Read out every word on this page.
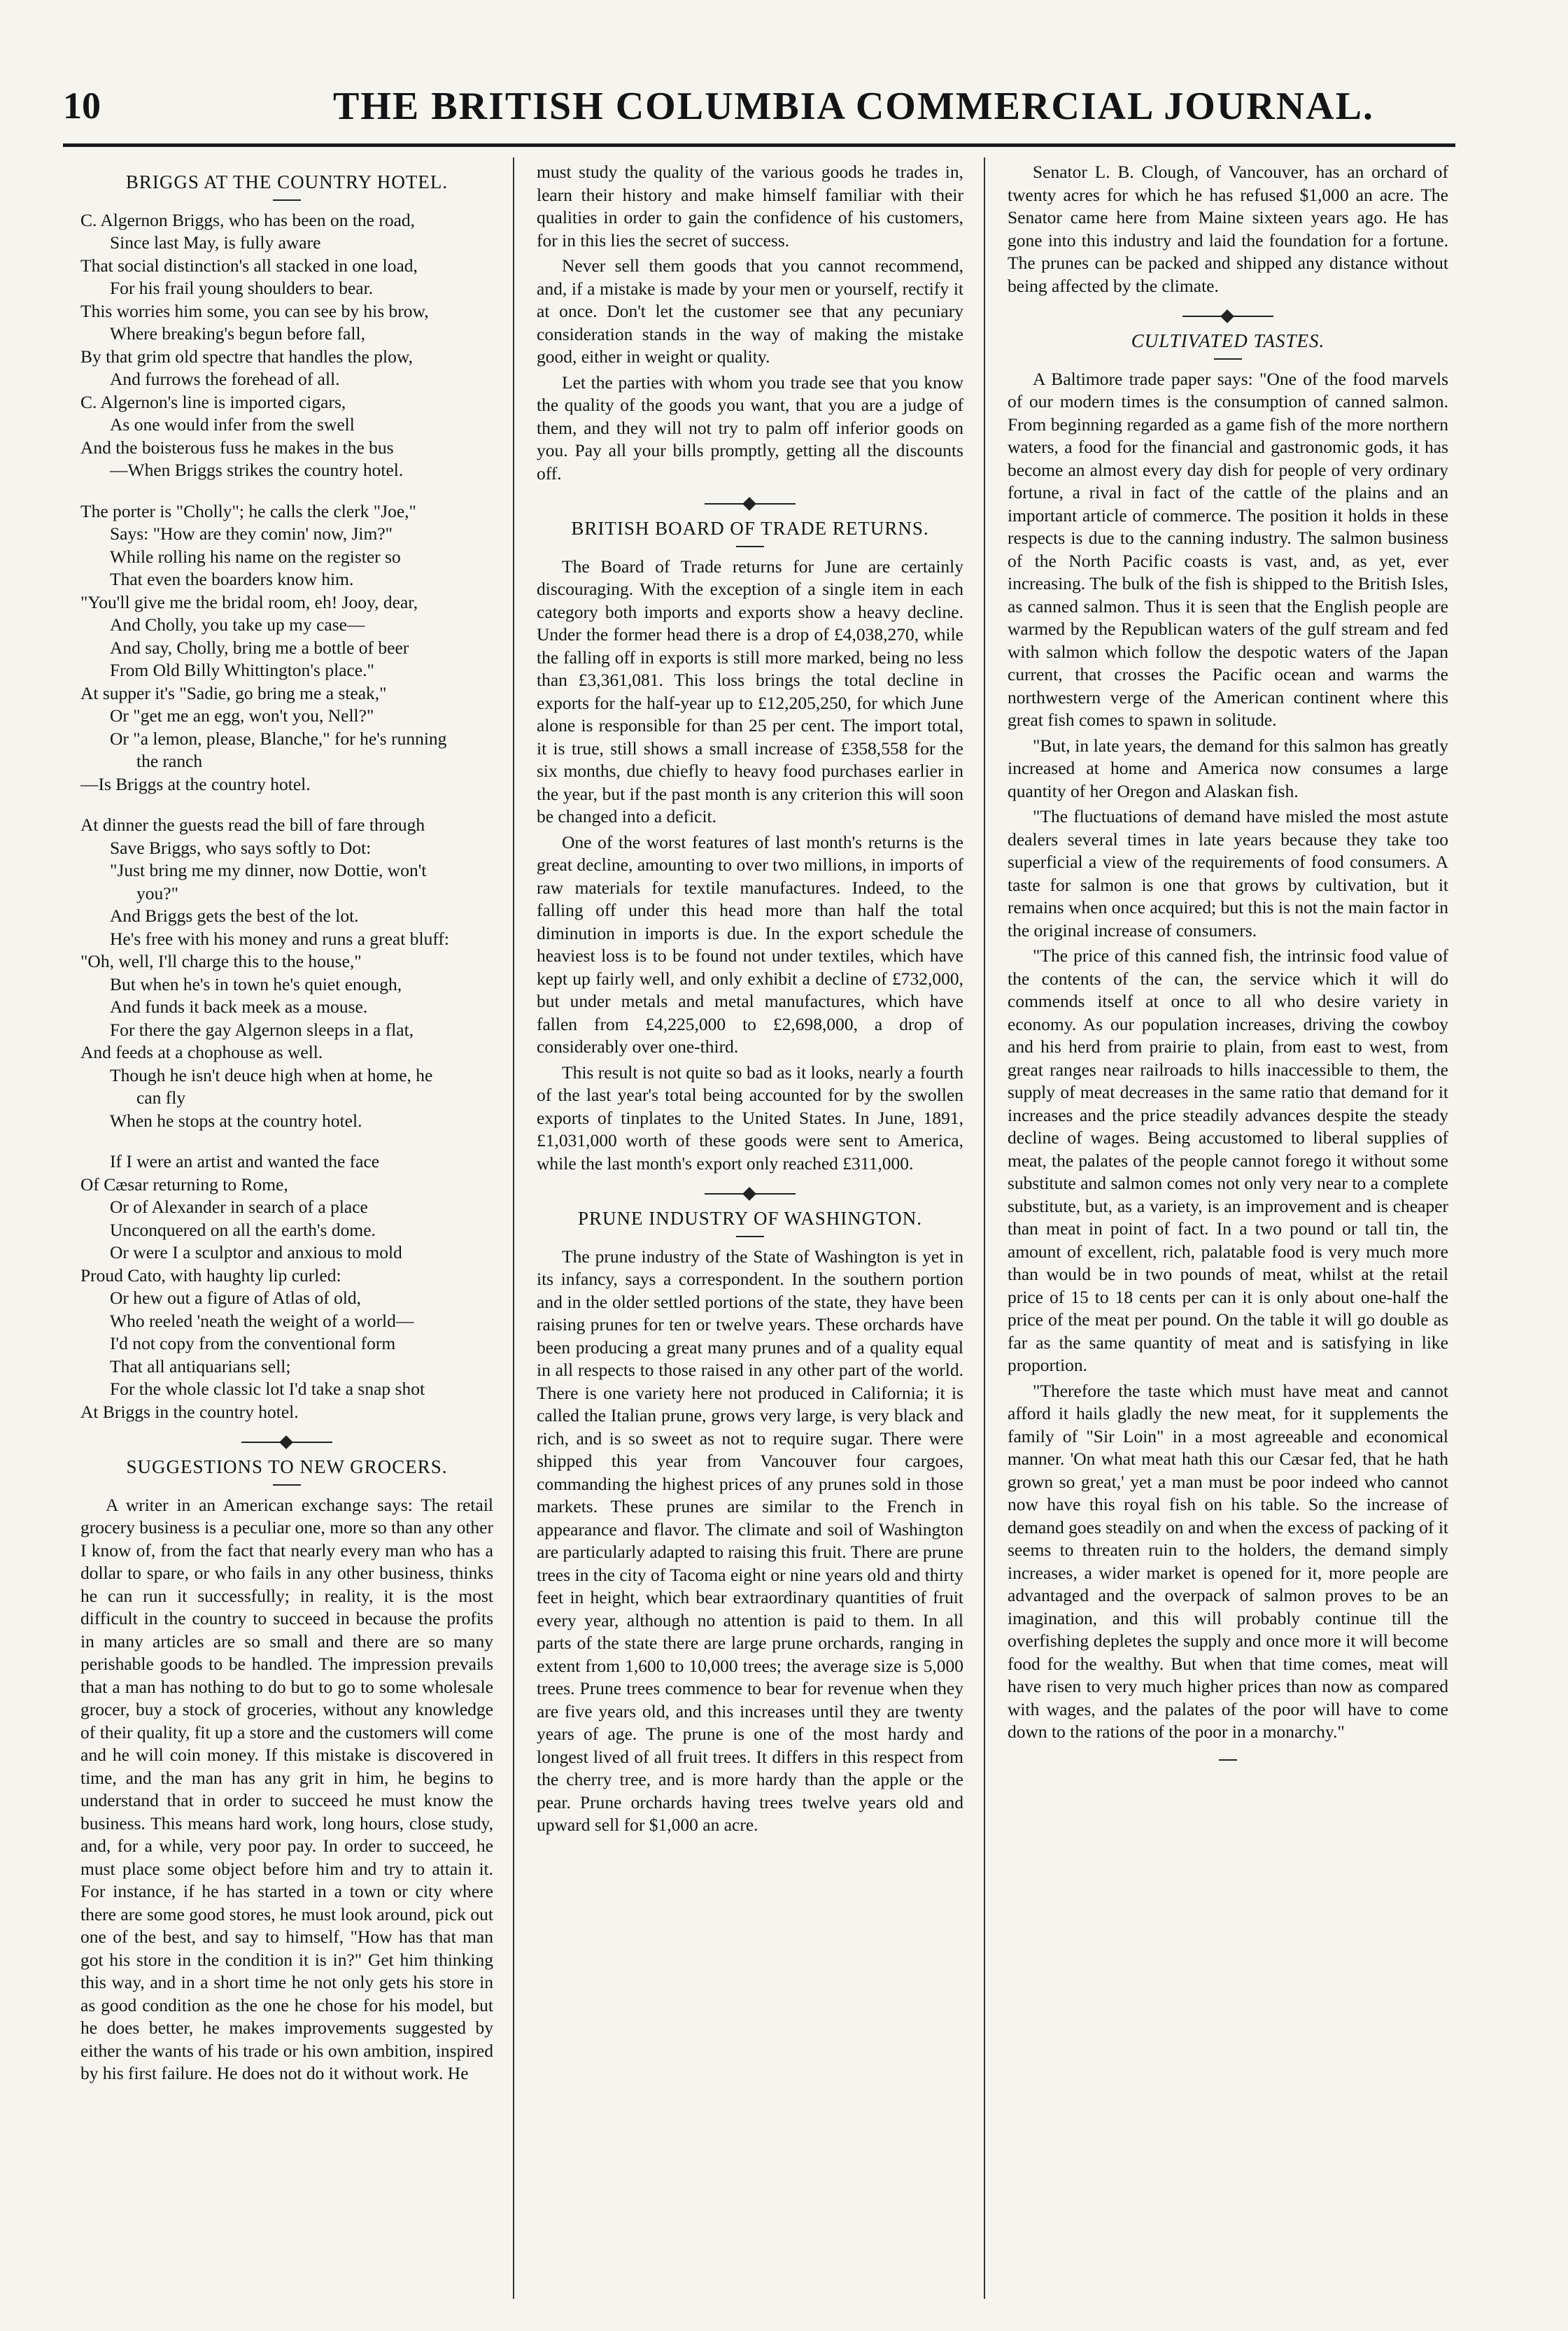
10	THE BRITISH COLUMBIA COMMERCIAL JOURNAL.
BRIGGS AT THE COUNTRY HOTEL.

C. Algernon Briggs, who has been on the road,

Since last May, is fully aware

That social distinction's all stacked in one load,

For his frail young shoulders to bear.

This worries him some, you can see by his brow,

Where breaking's begun before fall,

By that grim old spectre that handles the plow,

And furrows the forehead of all.

C. Algernon's line is imported cigars,

As one would infer from the swell

And the boisterous fuss he makes in the bus

—When Briggs strikes the country hotel.

The porter is "Cholly"; he calls the clerk "Joe,"

Says: "How are they comin' now, Jim?"

While rolling his name on the register so

That even the boarders know him.

"You'll give me the bridal room, eh! Jooy, dear,

And Cholly, you take up my case—

And say, Cholly, bring me a bottle of beer

From Old Billy Whittington's place."

At supper it's "Sadie, go bring me a steak,"

Or "get me an egg, won't you, Nell?"

Or "a lemon, please, Blanche," for he's running

the ranch

—Is Briggs at the country hotel.

At dinner the guests read the bill of fare through

Save Briggs, who says softly to Dot:

"Just bring me my dinner, now Dottie, won't

you?"

And Briggs gets the best of the lot.

He's free with his money and runs a great bluff:

"Oh, well, I'll charge this to the house,"

But when he's in town he's quiet enough,

And funds it back meek as a mouse.

For there the gay Algernon sleeps in a flat,

And feeds at a chophouse as well.

Though he isn't deuce high when at home, he

can fly

When he stops at the country hotel.

If I were an artist and wanted the face

Of Cæsar returning to Rome,

Or of Alexander in search of a place

Unconquered on all the earth's dome.

Or were I a sculptor and anxious to mold

Proud Cato, with haughty lip curled:

Or hew out a figure of Atlas of old,

Who reeled 'neath the weight of a world—

I'd not copy from the conventional form

That all antiquarians sell;

For the whole classic lot I'd take a snap shot

At Briggs in the country hotel.

SUGGESTIONS TO NEW GROCERS.

A writer in an American exchange says: The retail grocery business is a peculiar one, more so than any other I know of, from the fact that nearly every man who has a dollar to spare, or who fails in any other business, thinks he can run it successfully; in reality, it is the most difficult in the country to succeed in because the profits in many articles are so small and there are so many perishable goods to be handled. The impression prevails that a man has nothing to do but to go to some wholesale grocer, buy a stock of groceries, without any knowledge of their quality, fit up a store and the customers will come and he will coin money. If this mistake is discovered in time, and the man has any grit in him, he begins to understand that in order to succeed he must know the business. This means hard work, long hours, close study, and, for a while, very poor pay. In order to succeed, he must place some object before him and try to attain it. For instance, if he has started in a town or city where there are some good stores, he must look around, pick out one of the best, and say to himself, "How has that man got his store in the condition it is in?" Get him thinking this way, and in a short time he not only gets his store in as good condition as the one he chose for his model, but he does better, he makes improvements suggested by either the wants of his trade or his own ambition, inspired by his first failure. He does not do it without work. He

must study the quality of the various goods he trades in, learn their history and make himself familiar with their qualities in order to gain the confidence of his customers, for in this lies the secret of success.

Never sell them goods that you cannot recommend, and, if a mistake is made by your men or yourself, rectify it at once. Don't let the customer see that any pecuniary consideration stands in the way of making the mistake good, either in weight or quality.

Let the parties with whom you trade see that you know the quality of the goods you want, that you are a judge of them, and they will not try to palm off inferior goods on you. Pay all your bills promptly, getting all the discounts off.

BRITISH BOARD OF TRADE RETURNS.

The Board of Trade returns for June are certainly discouraging. With the exception of a single item in each category both imports and exports show a heavy decline. Under the former head there is a drop of £4,038,270, while the falling off in exports is still more marked, being no less than £3,361,081. This loss brings the total decline in exports for the half-year up to £12,205,250, for which June alone is responsible for than 25 per cent. The import total, it is true, still shows a small increase of £358,558 for the six months, due chiefly to heavy food purchases earlier in the year, but if the past month is any criterion this will soon be changed into a deficit.

One of the worst features of last month's returns is the great decline, amounting to over two millions, in imports of raw materials for textile manufactures. Indeed, to the falling off under this head more than half the total diminution in imports is due. In the export schedule the heaviest loss is to be found not under textiles, which have kept up fairly well, and only exhibit a decline of £732,000, but under metals and metal manufactures, which have fallen from £4,225,000 to £2,698,000, a drop of considerably over one-third.

This result is not quite so bad as it looks, nearly a fourth of the last year's total being accounted for by the swollen exports of tinplates to the United States. In June, 1891, £1,031,000 worth of these goods were sent to America, while the last month's export only reached £311,000.

PRUNE INDUSTRY OF WASHINGTON.

The prune industry of the State of Washington is yet in its infancy, says a correspondent. In the southern portion and in the older settled portions of the state, they have been raising prunes for ten or twelve years. These orchards have been producing a great many prunes and of a quality equal in all respects to those raised in any other part of the world. There is one variety here not produced in California; it is called the Italian prune, grows very large, is very black and rich, and is so sweet as not to require sugar. There were shipped this year from Vancouver four cargoes, commanding the highest prices of any prunes sold in those markets. These prunes are similar to the French in appearance and flavor. The climate and soil of Washington are particularly adapted to raising this fruit. There are prune trees in the city of Tacoma eight or nine years old and thirty feet in height, which bear extraordinary quantities of fruit every year, although no attention is paid to them. In all parts of the state there are large prune orchards, ranging in extent from 1,600 to 10,000 trees; the average size is 5,000 trees. Prune trees commence to bear for revenue when they are five years old, and this increases until they are twenty years of age. The prune is one of the most hardy and longest lived of all fruit trees. It differs in this respect from the cherry tree, and is more hardy than the apple or the pear. Prune orchards having trees twelve years old and upward sell for $1,000 an acre.

Senator L. B. Clough, of Vancouver, has an orchard of twenty acres for which he has refused $1,000 an acre. The Senator came here from Maine sixteen years ago. He has gone into this industry and laid the foundation for a fortune. The prunes can be packed and shipped any distance without being affected by the climate.

CULTIVATED TASTES.

A Baltimore trade paper says: "One of the food marvels of our modern times is the consumption of canned salmon. From beginning regarded as a game fish of the more northern waters, a food for the financial and gastronomic gods, it has become an almost every day dish for people of very ordinary fortune, a rival in fact of the cattle of the plains and an important article of commerce. The position it holds in these respects is due to the canning industry. The salmon business of the North Pacific coasts is vast, and, as yet, ever increasing. The bulk of the fish is shipped to the British Isles, as canned salmon. Thus it is seen that the English people are warmed by the Republican waters of the gulf stream and fed with salmon which follow the despotic waters of the Japan current, that crosses the Pacific ocean and warms the northwestern verge of the American continent where this great fish comes to spawn in solitude.

"But, in late years, the demand for this salmon has greatly increased at home and America now consumes a large quantity of her Oregon and Alaskan fish.

"The fluctuations of demand have misled the most astute dealers several times in late years because they take too superficial a view of the requirements of food consumers. A taste for salmon is one that grows by cultivation, but it remains when once acquired; but this is not the main factor in the original increase of consumers.

"The price of this canned fish, the intrinsic food value of the contents of the can, the service which it will do commends itself at once to all who desire variety in economy. As our population increases, driving the cowboy and his herd from prairie to plain, from east to west, from great ranges near railroads to hills inaccessible to them, the supply of meat decreases in the same ratio that demand for it increases and the price steadily advances despite the steady decline of wages. Being accustomed to liberal supplies of meat, the palates of the people cannot forego it without some substitute and salmon comes not only very near to a complete substitute, but, as a variety, is an improvement and is cheaper than meat in point of fact. In a two pound or tall tin, the amount of excellent, rich, palatable food is very much more than would be in two pounds of meat, whilst at the retail price of 15 to 18 cents per can it is only about one-half the price of the meat per pound. On the table it will go double as far as the same quantity of meat and is satisfying in like proportion.

"Therefore the taste which must have meat and cannot afford it hails gladly the new meat, for it supplements the family of "Sir Loin" in a most agreeable and economical manner. 'On what meat hath this our Cæsar fed, that he hath grown so great,' yet a man must be poor indeed who cannot now have this royal fish on his table. So the increase of demand goes steadily on and when the excess of packing of it seems to threaten ruin to the holders, the demand simply increases, a wider market is opened for it, more people are advantaged and the overpack of salmon proves to be an imagination, and this will probably continue till the overfishing depletes the supply and once more it will become food for the wealthy. But when that time comes, meat will have risen to very much higher prices than now as compared with wages, and the palates of the poor will have to come down to the rations of the poor in a monarchy."
